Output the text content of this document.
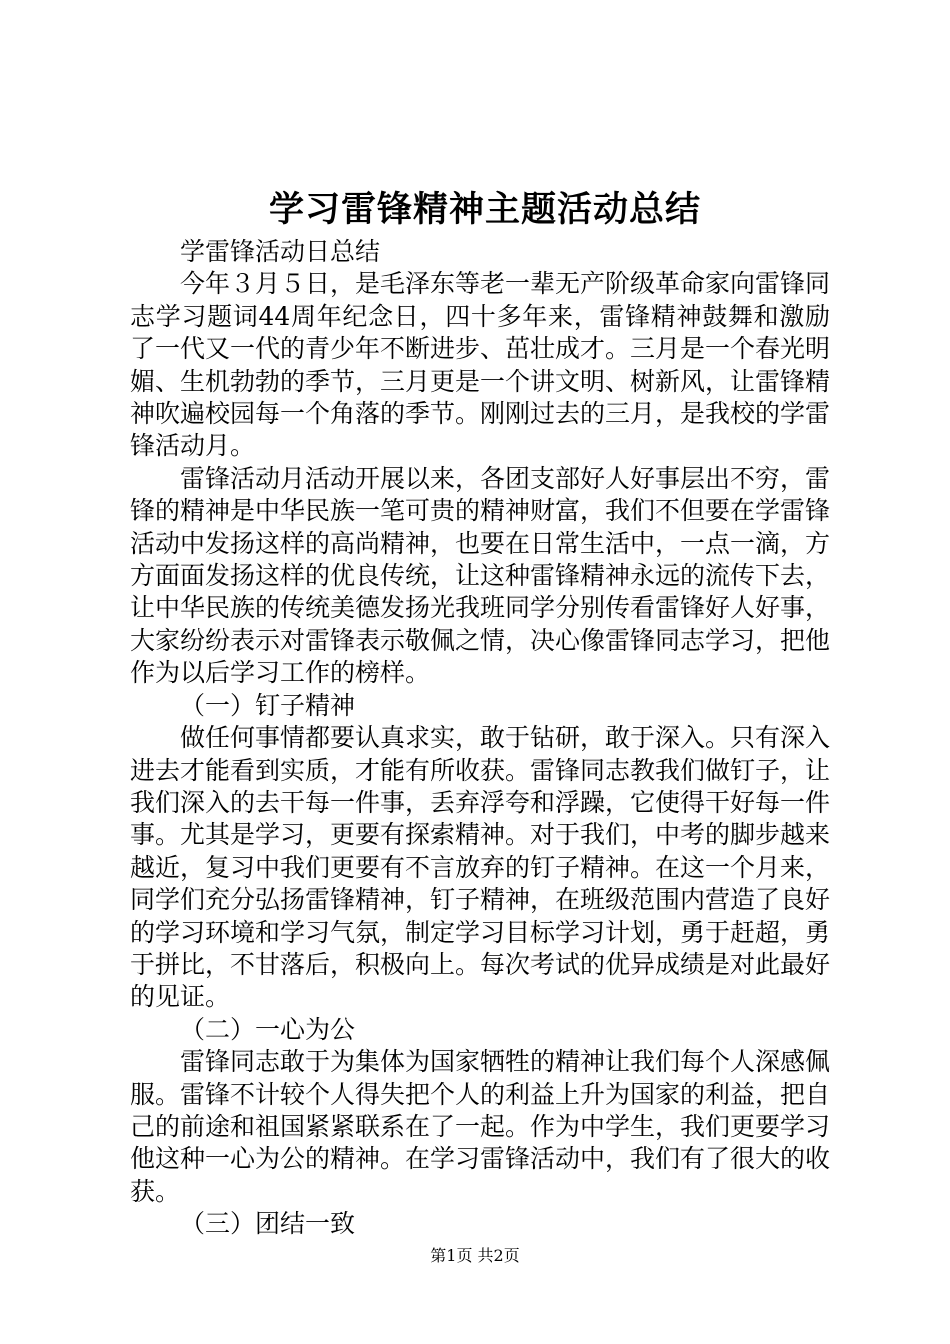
学习雷锋精神主题活动总结

学雷锋活动日总结

今年３月５日，是毛泽东等老一辈无产阶级革命家向雷锋同志学习题词44周年纪念日，四十多年来，雷锋精神鼓舞和激励了一代又一代的青少年不断进步、茁壮成才。三月是一个春光明媚、生机勃勃的季节，三月更是一个讲文明、树新风，让雷锋精神吹遍校园每一个角落的季节。刚刚过去的三月，是我校的学雷锋活动月。

雷锋活动月活动开展以来，各团支部好人好事层出不穷，雷锋的精神是中华民族一笔可贵的精神财富，我们不但要在学雷锋活动中发扬这样的高尚精神，也要在日常生活中，一点一滴，方方面面发扬这样的优良传统，让这种雷锋精神永远的流传下去，让中华民族的传统美德发扬光我班同学分别传看雷锋好人好事，大家纷纷表示对雷锋表示敬佩之情，决心像雷锋同志学习，把他作为以后学习工作的榜样。

（一）钉子精神

做任何事情都要认真求实，敢于钻研，敢于深入。只有深入进去才能看到实质，才能有所收获。雷锋同志教我们做钉子，让我们深入的去干每一件事，丢弃浮夸和浮躁，它使得干好每一件事。尤其是学习，更要有探索精神。对于我们，中考的脚步越来越近，复习中我们更要有不言放弃的钉子精神。在这一个月来，同学们充分弘扬雷锋精神，钉子精神，在班级范围内营造了良好的学习环境和学习气氛，制定学习目标学习计划，勇于赶超，勇于拼比，不甘落后，积极向上。每次考试的优异成绩是对此最好的见证。

（二）一心为公

雷锋同志敢于为集体为国家牺牲的精神让我们每个人深感佩服。雷锋不计较个人得失把个人的利益上升为国家的利益，把自己的前途和祖国紧紧联系在了一起。作为中学生，我们更要学习他这种一心为公的精神。在学习雷锋活动中，我们有了很大的收获。

（三）团结一致

第1页 共2页
